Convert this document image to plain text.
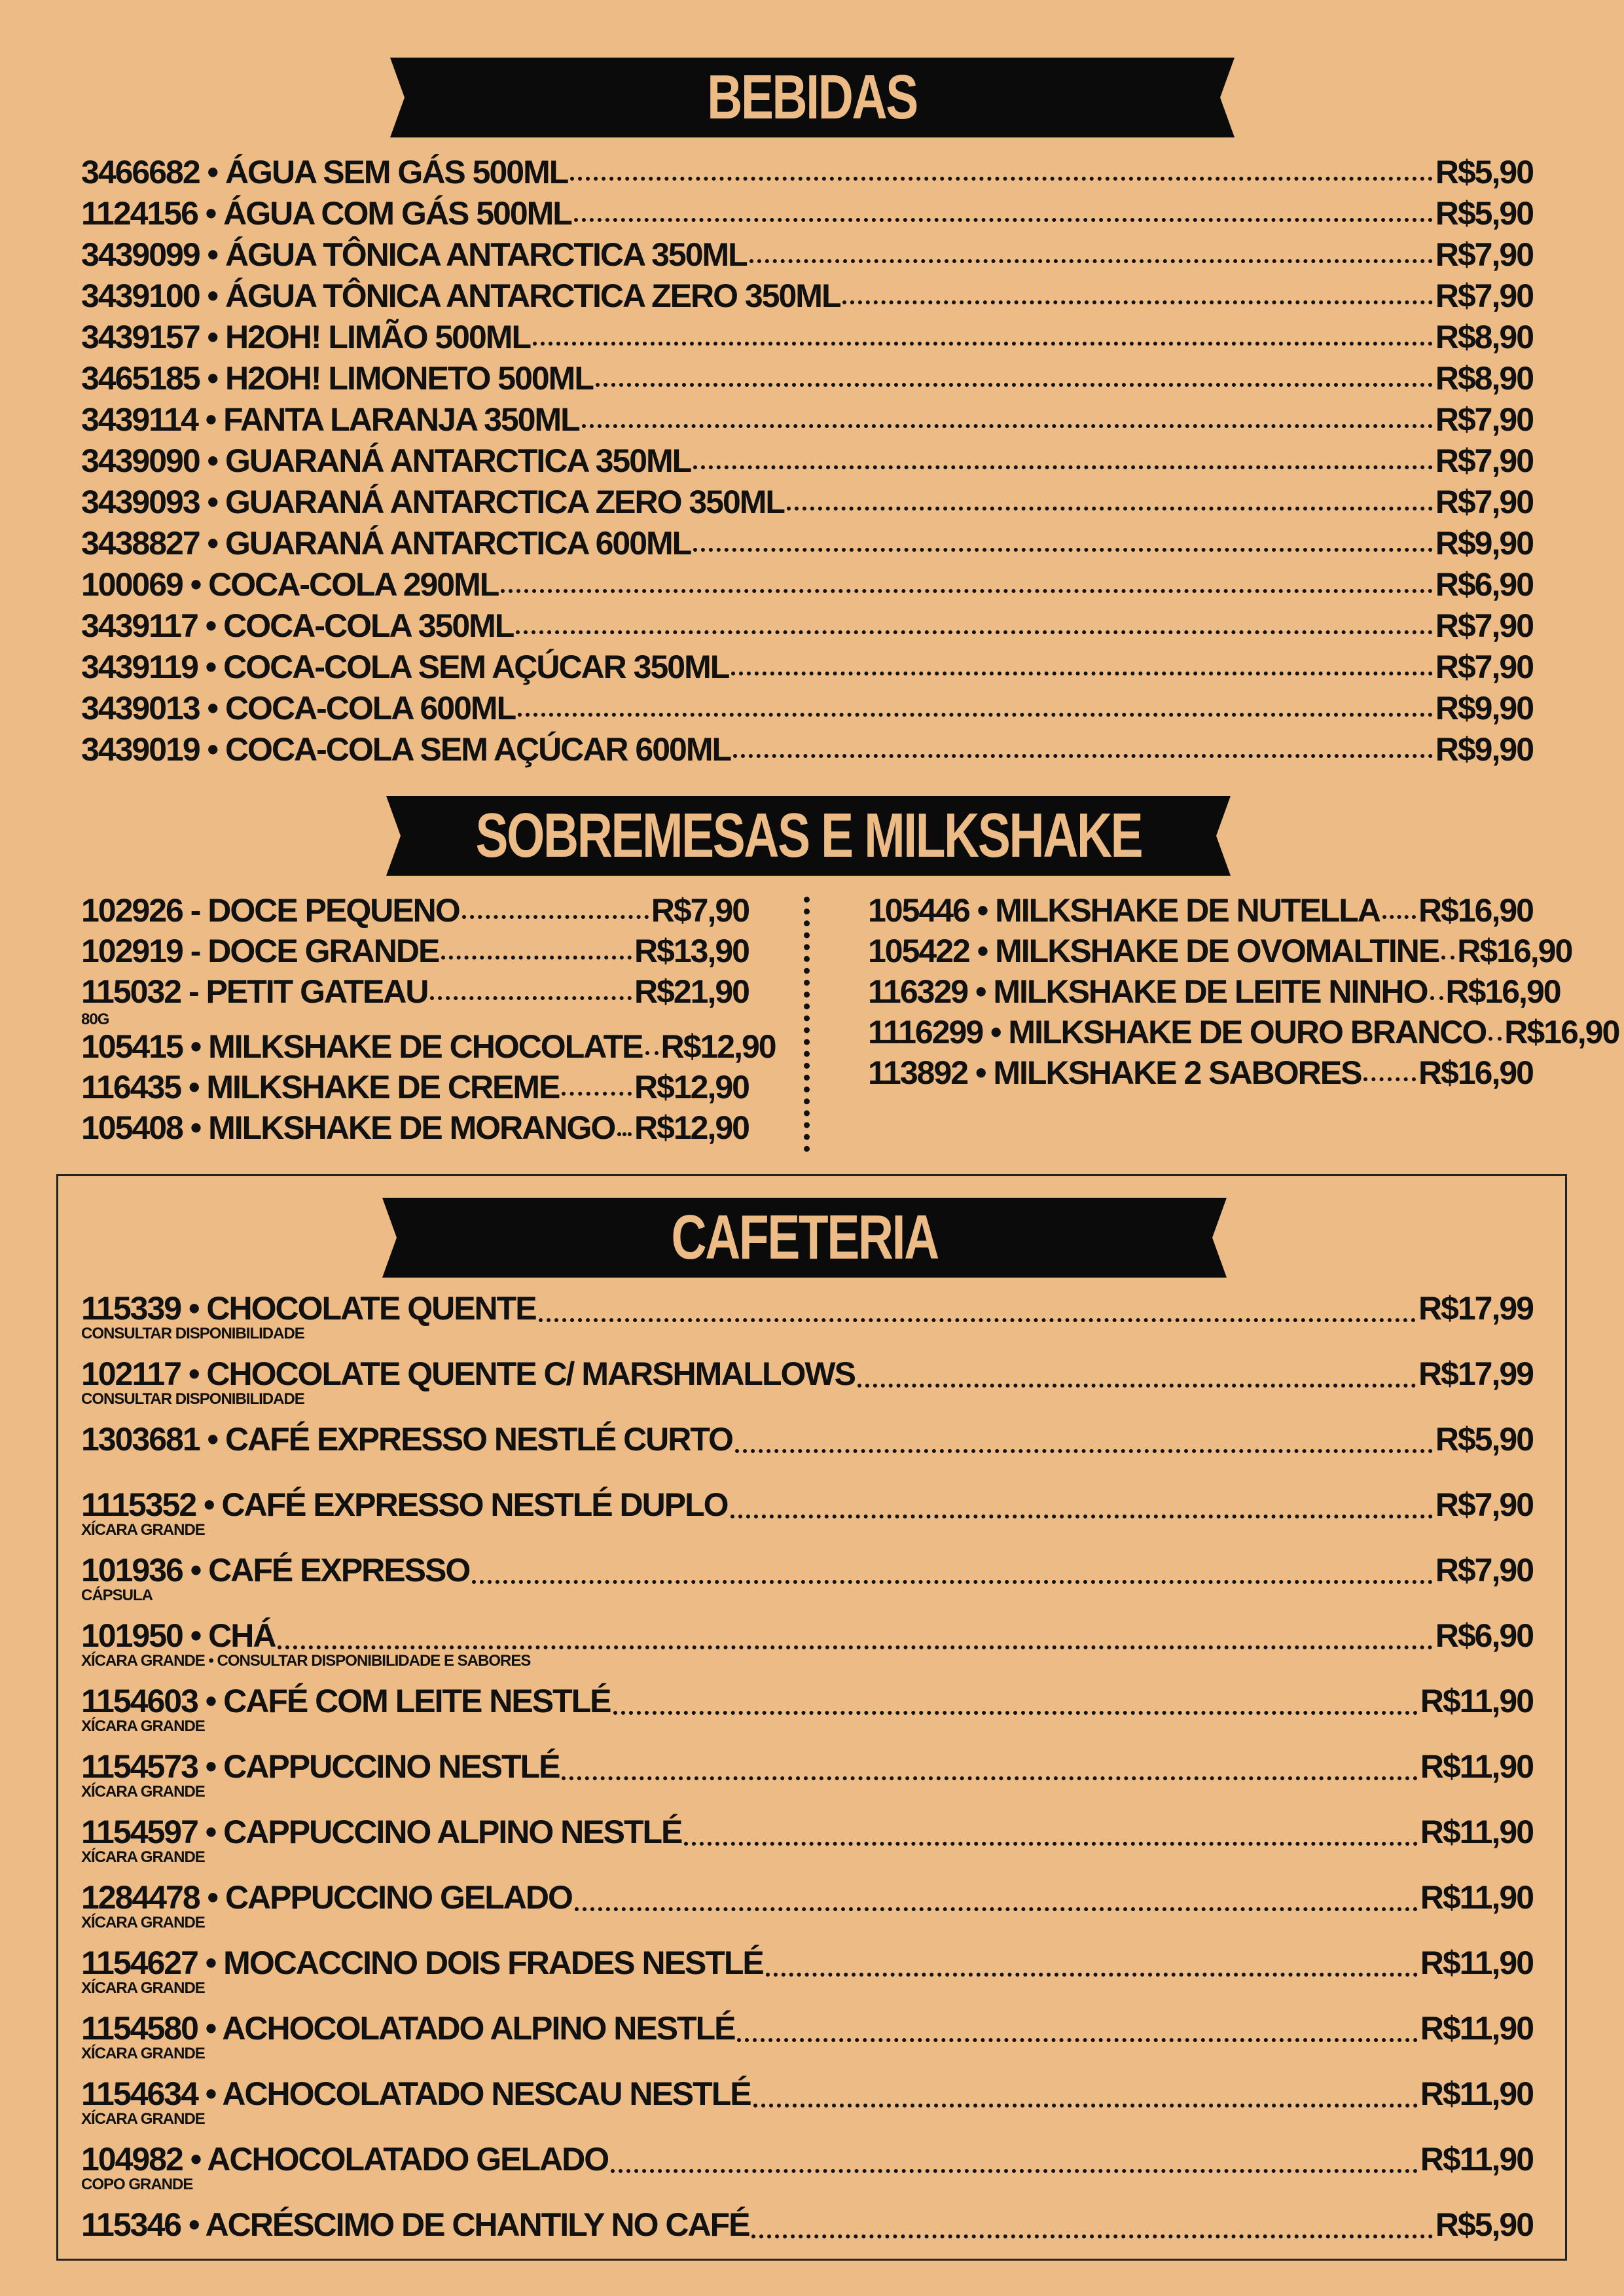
BEBIDAS
3466682 • ÁGUA SEM GÁS 500ML	R$5,90
1124156 • ÁGUA COM GÁS 500ML	R$5,90
3439099 • ÁGUA TÔNICA ANTARCTICA 350ML	R$7,90
3439100 • ÁGUA TÔNICA ANTARCTICA ZERO 350ML	R$7,90
3439157 • H2OH! LIMÃO 500ML	R$8,90
3465185 • H2OH! LIMONETO 500ML	R$8,90
3439114 • FANTA LARANJA 350ML	R$7,90
3439090 • GUARANÁ ANTARCTICA 350ML	R$7,90
3439093 • GUARANÁ ANTARCTICA ZERO 350ML	R$7,90
3438827 • GUARANÁ ANTARCTICA 600ML	R$9,90
100069 • COCA-COLA 290ML	R$6,90
3439117 • COCA-COLA 350ML	R$7,90
3439119 • COCA-COLA SEM AÇÚCAR 350ML	R$7,90
3439013 • COCA-COLA 600ML	R$9,90
3439019 • COCA-COLA SEM AÇÚCAR 600ML	R$9,90
SOBREMESAS E MILKSHAKE
102926 - DOCE PEQUENO	R$7,90
102919 - DOCE GRANDE	R$13,90
115032 - PETIT GATEAU	R$21,90
80G
105415 • MILKSHAKE DE CHOCOLATE R$12,90
116435 • MILKSHAKE DE CREME R$12,90
105408 • MILKSHAKE DE MORANGO R$12,90
105446 • MILKSHAKE DE NUTELLA R$16,90
105422 • MILKSHAKE DE OVOMALTINE R$16,90
116329 • MILKSHAKE DE LEITE NINHO R$16,90
1116299 • MILKSHAKE DE OURO BRANCO R$16,90
113892 • MILKSHAKE 2 SABORES R$16,90
CAFETERIA
115339 • CHOCOLATE QUENTE	R$17,99
CONSULTAR DISPONIBILIDADE
102117 • CHOCOLATE QUENTE C/ MARSHMALLOWS	R$17,99
CONSULTAR DISPONIBILIDADE
1303681 • CAFÉ EXPRESSO NESTLÉ CURTO	R$5,90
1115352 • CAFÉ EXPRESSO NESTLÉ DUPLO	R$7,90
XÍCARA GRANDE
101936 • CAFÉ EXPRESSO	R$7,90
CÁPSULA
101950 • CHÁ	R$6,90
XÍCARA GRANDE • CONSULTAR DISPONIBILIDADE E SABORES
1154603 • CAFÉ COM LEITE NESTLÉ	R$11,90
XÍCARA GRANDE
1154573 • CAPPUCCINO NESTLÉ	R$11,90
XÍCARA GRANDE
1154597 • CAPPUCCINO ALPINO NESTLÉ	R$11,90
XÍCARA GRANDE
1284478 • CAPPUCCINO GELADO	R$11,90
XÍCARA GRANDE
1154627 • MOCACCINO DOIS FRADES NESTLÉ	R$11,90
XÍCARA GRANDE
1154580 • ACHOCOLATADO ALPINO NESTLÉ	R$11,90
XÍCARA GRANDE
1154634 • ACHOCOLATADO NESCAU NESTLÉ	R$11,90
XÍCARA GRANDE
104982 • ACHOCOLATADO GELADO	R$11,90
COPO GRANDE
115346 • ACRÉSCIMO DE CHANTILY NO CAFÉ	R$5,90
